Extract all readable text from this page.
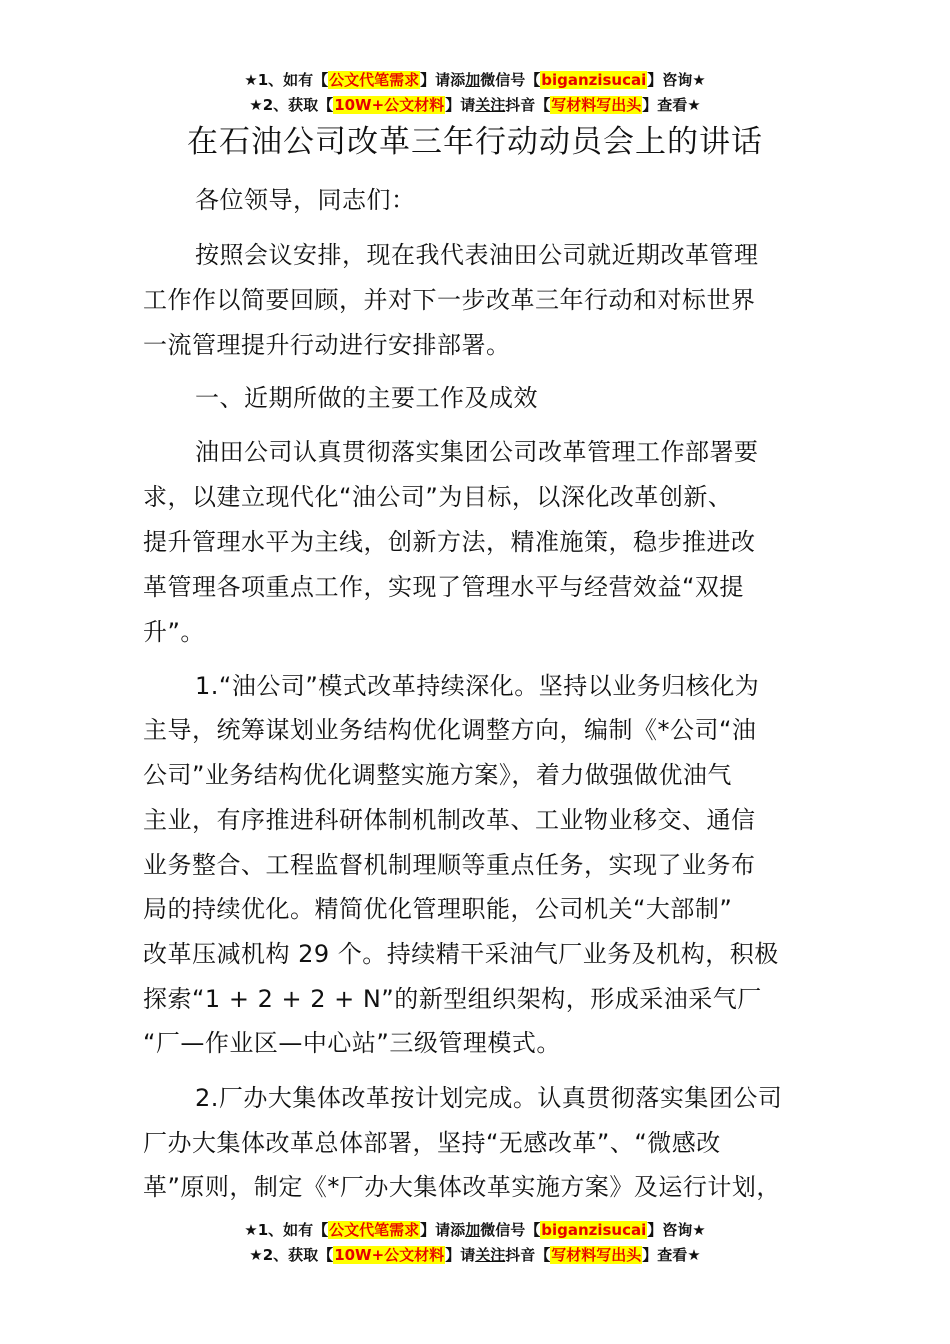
★1、如有【公文代笔需求】请添加微信号【biganzisucai】咨询★
★2、获取【10W+公文材料】请关注抖音【写材料写出头】查看★
在石油公司改革三年行动动员会上的讲话
各位领导，同志们：
按照会议安排，现在我代表油田公司就近期改革管理
工作作以简要回顾，并对下一步改革三年行动和对标世界
一流管理提升行动进行安排部署。
一、近期所做的主要工作及成效
油田公司认真贯彻落实集团公司改革管理工作部署要
求，以建立现代化“油公司”为目标，以深化改革创新、
提升管理水平为主线，创新方法，精准施策，稳步推进改
革管理各项重点工作，实现了管理水平与经营效益“双提
升”。
1.“油公司”模式改革持续深化。坚持以业务归核化为
主导，统筹谋划业务结构优化调整方向，编制《*公司“油
公司”业务结构优化调整实施方案》，着力做强做优油气
主业，有序推进科研体制机制改革、工业物业移交、通信
业务整合、工程监督机制理顺等重点任务，实现了业务布
局的持续优化。精简优化管理职能，公司机关“大部制”
改革压减机构 29 个。持续精干采油气厂业务及机构，积极
探索“1 + 2 + 2 + N”的新型组织架构，形成采油采气厂
“厂—作业区—中心站”三级管理模式。
2.厂办大集体改革按计划完成。认真贯彻落实集团公司
厂办大集体改革总体部署，坚持“无感改革”、“微感改
革”原则，制定《*厂办大集体改革实施方案》及运行计划，
★1、如有【公文代笔需求】请添加微信号【biganzisucai】咨询★
★2、获取【10W+公文材料】请关注抖音【写材料写出头】查看★
